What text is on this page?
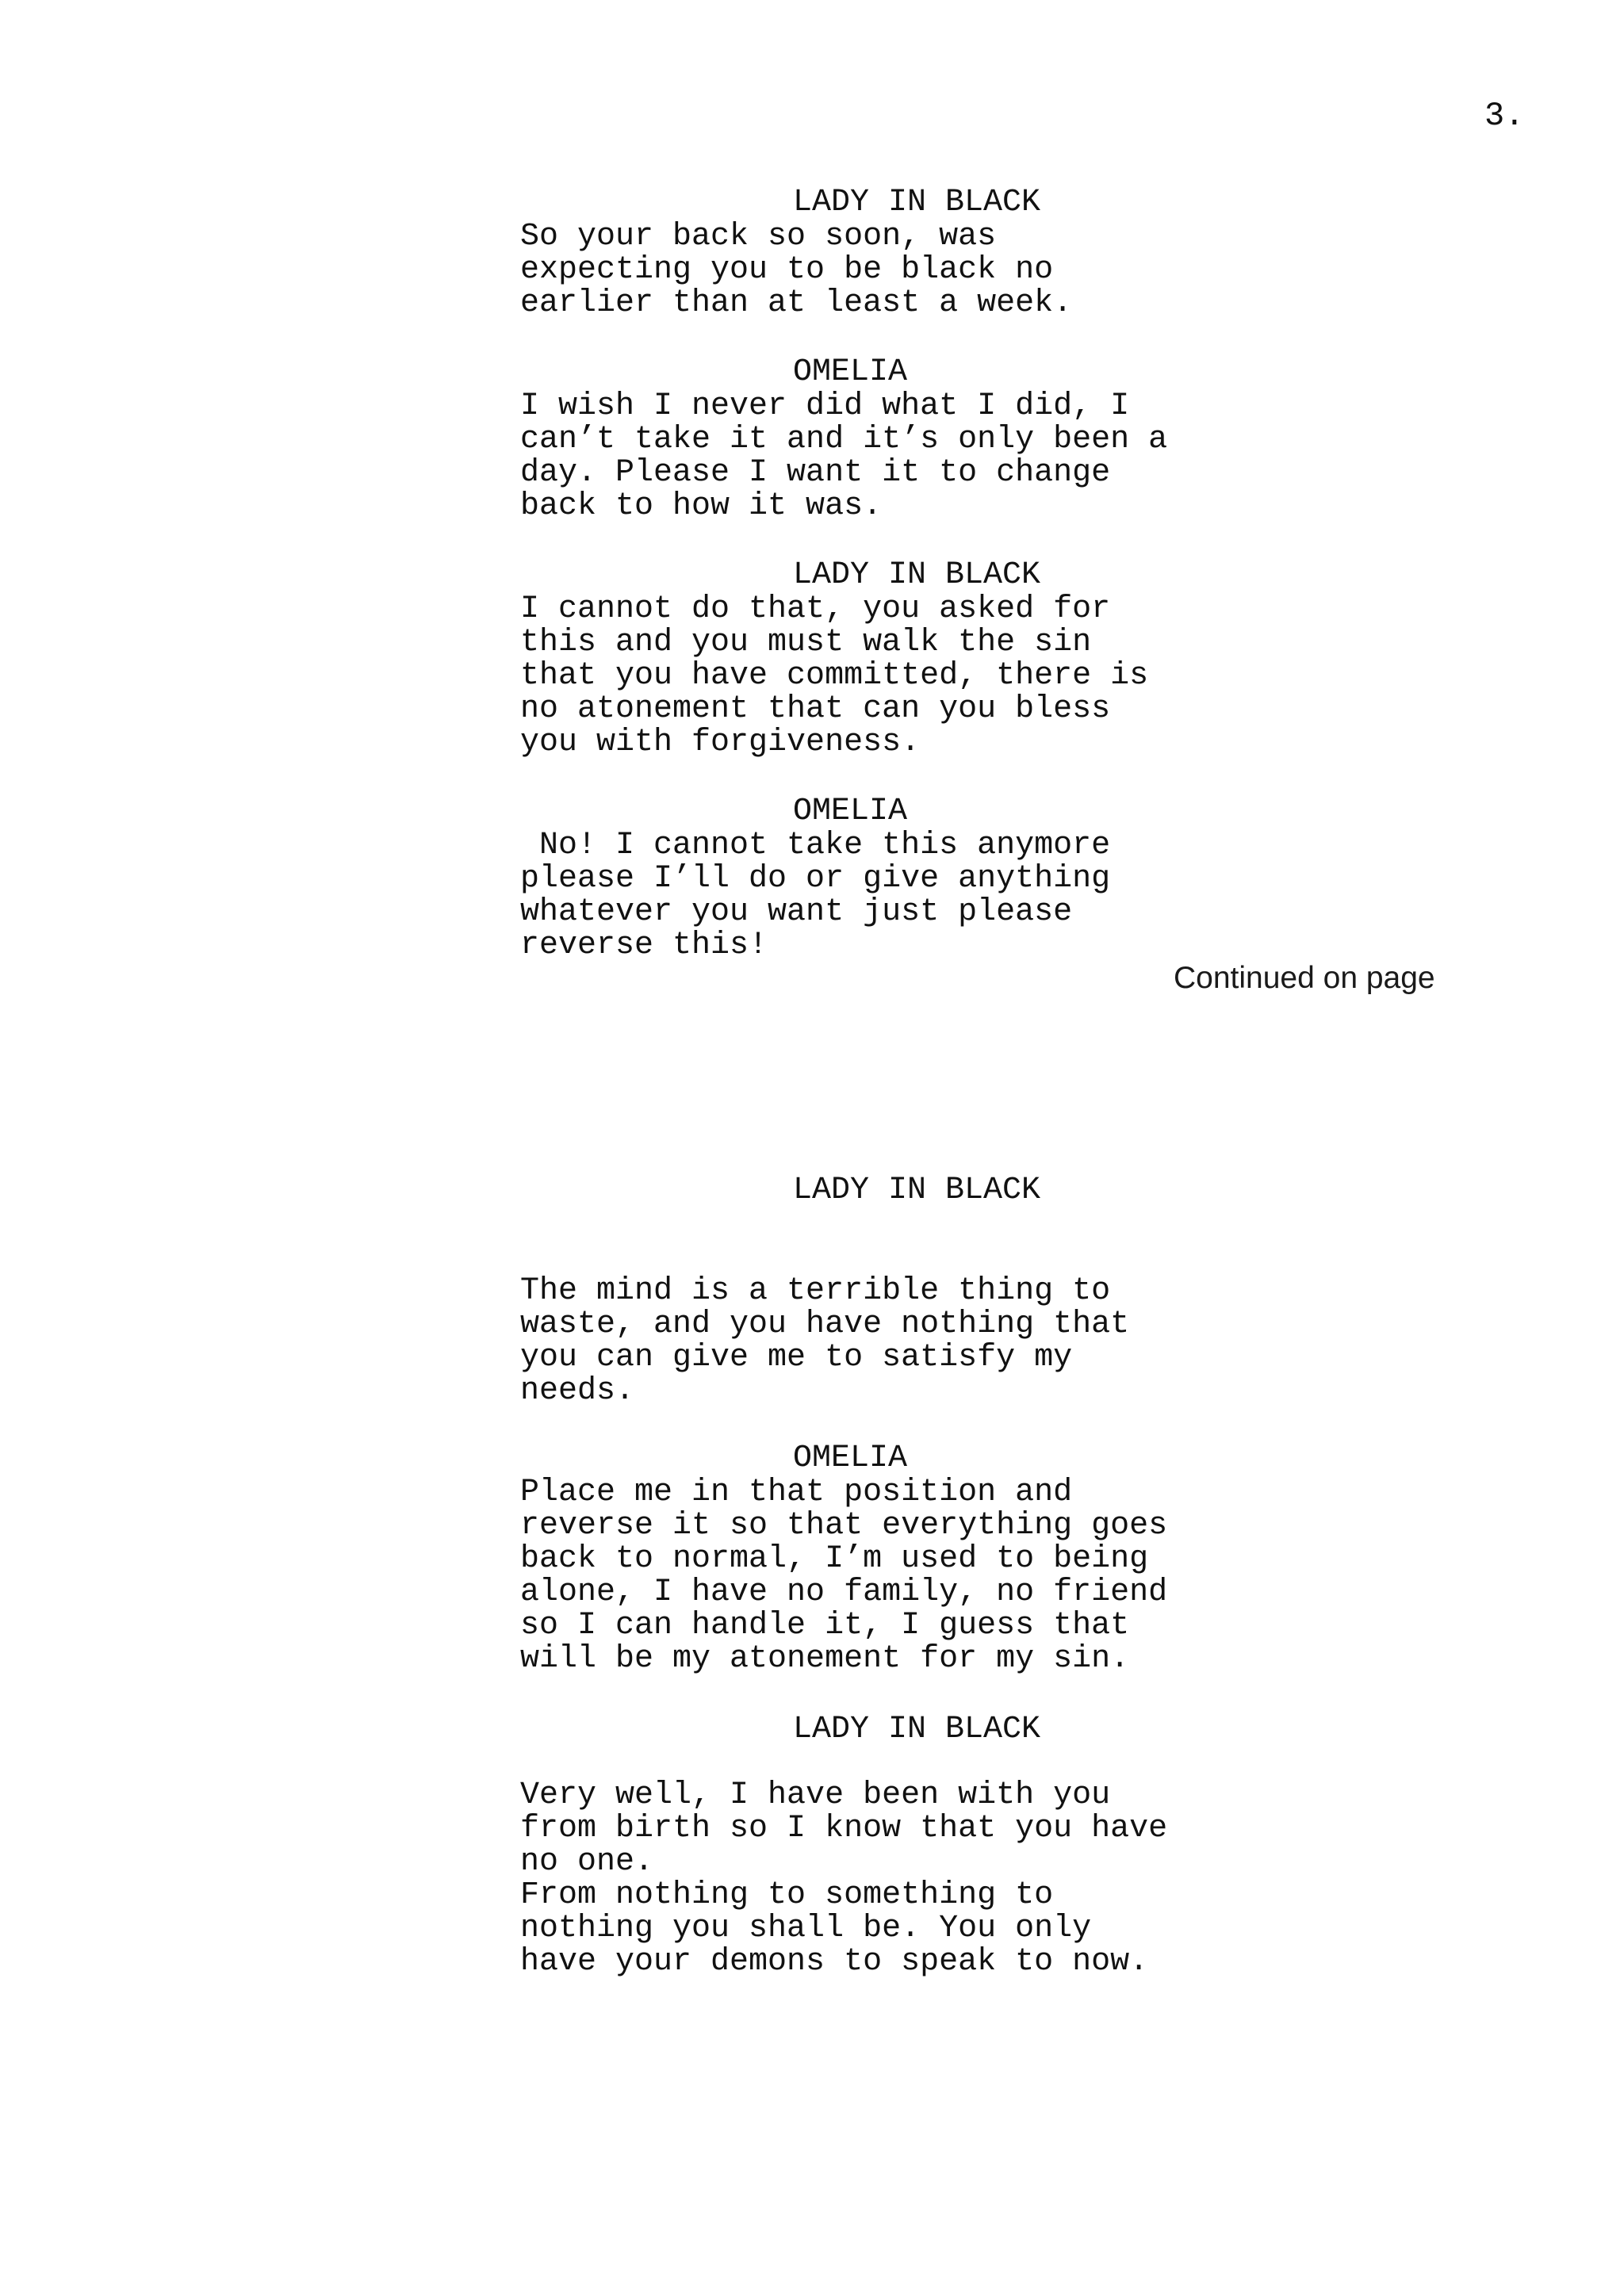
3.
LADY IN BLACK
So your back so soon, was
expecting you to be black no
earlier than at least a week.
OMELIA
I wish I never did what I did, I
can’t take it and it’s only been a
day. Please I want it to change
back to how it was.
LADY IN BLACK
I cannot do that, you asked for
this and you must walk the sin
that you have committed, there is
no atonement that can you bless
you with forgiveness.
OMELIA
No! I cannot take this anymore
please I’ll do or give anything
whatever you want just please
reverse this!
Continued on page
LADY IN BLACK
The mind is a terrible thing to
waste, and you have nothing that
you can give me to satisfy my
needs.
OMELIA
Place me in that position and
reverse it so that everything goes
back to normal, I’m used to being
alone, I have no family, no friend
so I can handle it, I guess that
will be my atonement for my sin.
LADY IN BLACK
Very well, I have been with you
from birth so I know that you have
no one.
From nothing to something to
nothing you shall be. You only
have your demons to speak to now.
